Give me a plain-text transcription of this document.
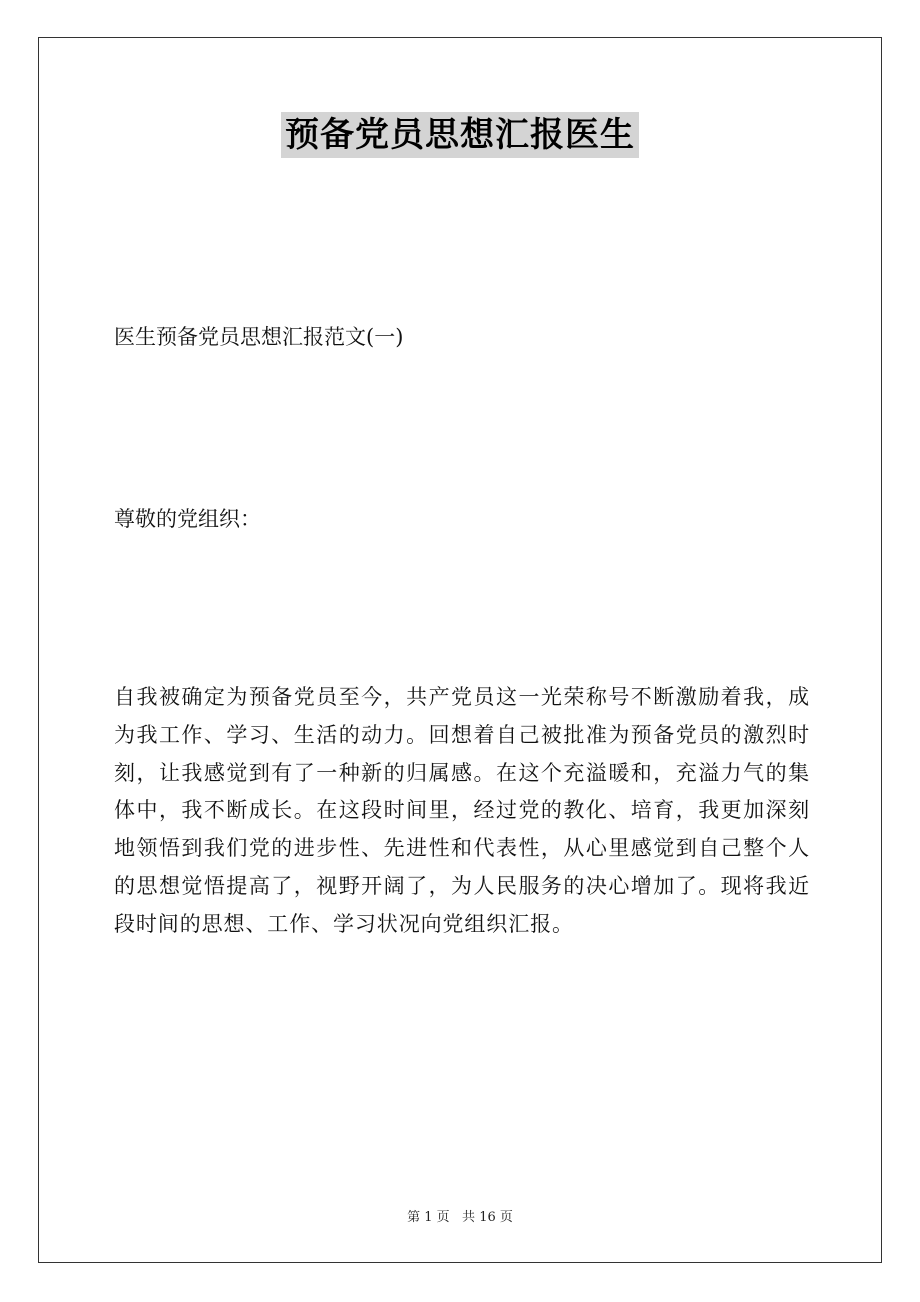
预备党员思想汇报医生
医生预备党员思想汇报范文(一)
尊敬的党组织：
自我被确定为预备党员至今，共产党员这一光荣称号不断激励着我，成为我工作、学习、生活的动力。回想着自己被批准为预备党员的激烈时刻，让我感觉到有了一种新的归属感。在这个充溢暖和，充溢力气的集体中，我不断成长。在这段时间里，经过党的教化、培育，我更加深刻地领悟到我们党的进步性、先进性和代表性，从心里感觉到自己整个人的思想觉悟提高了，视野开阔了，为人民服务的决心增加了。现将我近段时间的思想、工作、学习状况向党组织汇报。
第 1 页   共 16 页
